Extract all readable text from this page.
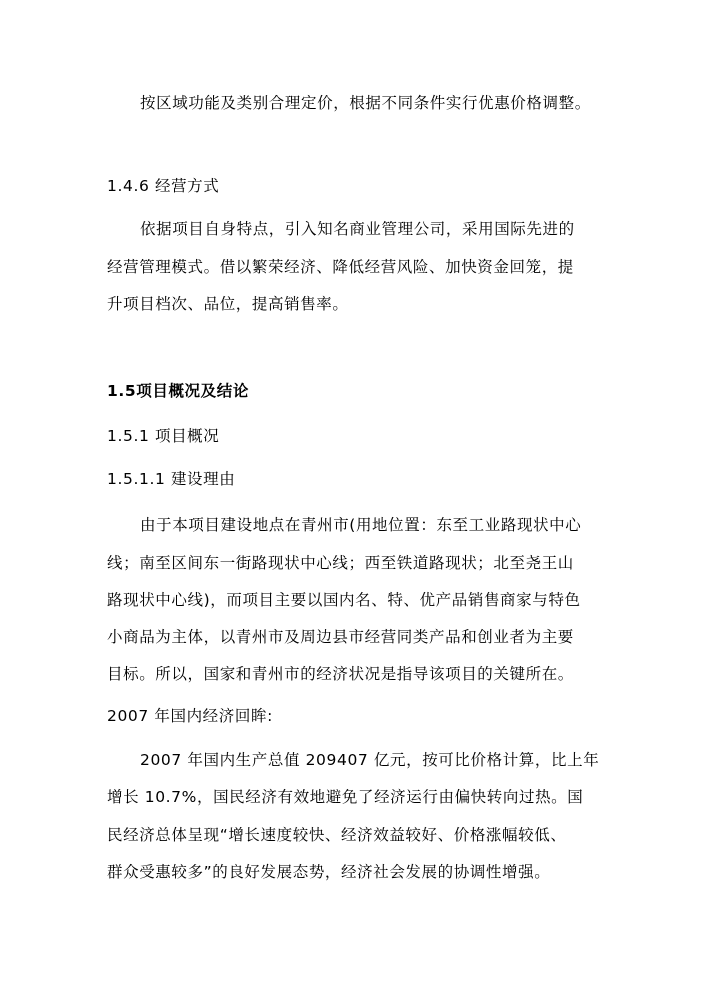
按区域功能及类别合理定价，根据不同条件实行优惠价格调整。
1.4.6 经营方式
依据项目自身特点，引入知名商业管理公司，采用国际先进的
经营管理模式。借以繁荣经济、降低经营风险、加快资金回笼，提
升项目档次、品位，提高销售率。
1.5项目概况及结论
1.5.1 项目概况
1.5.1.1 建设理由
由于本项目建设地点在青州市(用地位置：东至工业路现状中心
线；南至区间东一街路现状中心线；西至铁道路现状；北至尧王山
路现状中心线)，而项目主要以国内名、特、优产品销售商家与特色
小商品为主体，以青州市及周边县市经营同类产品和创业者为主要
目标。所以，国家和青州市的经济状况是指导该项目的关键所在。
2007 年国内经济回眸:
2007 年国内生产总值 209407 亿元，按可比价格计算，比上年
增长 10.7%，国民经济有效地避免了经济运行由偏快转向过热。国
民经济总体呈现“增长速度较快、经济效益较好、价格涨幅较低、
群众受惠较多”的良好发展态势，经济社会发展的协调性增强。
